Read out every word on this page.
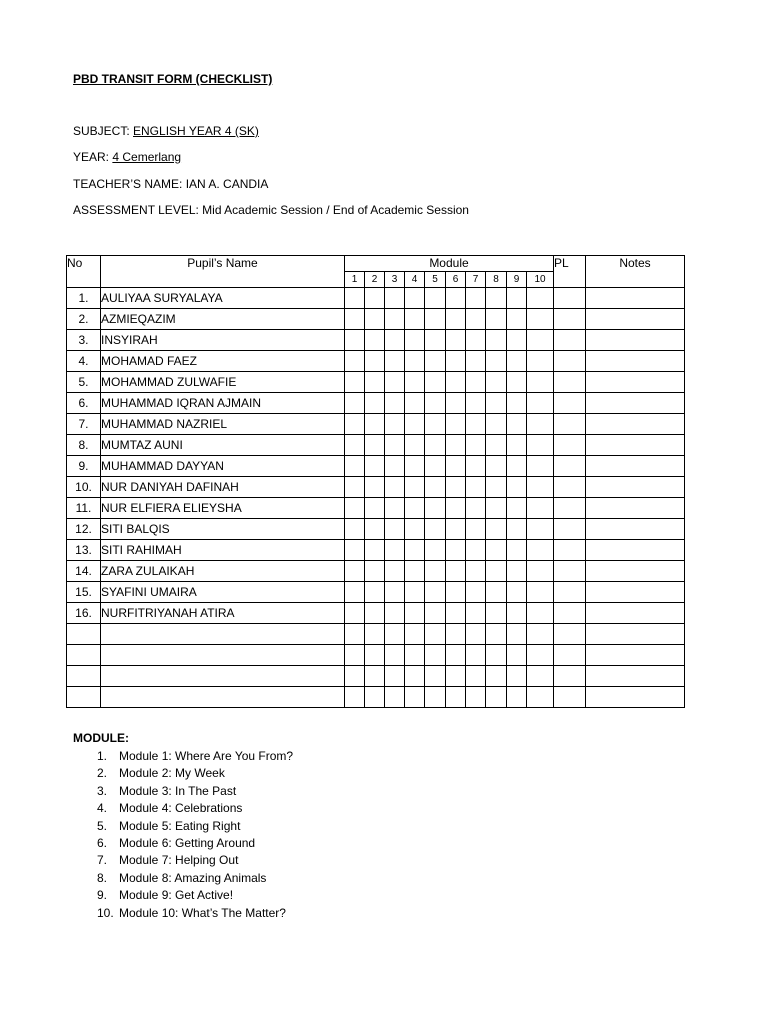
PBD TRANSIT FORM (CHECKLIST)
SUBJECT: ENGLISH YEAR 4 (SK)
YEAR: 4 Cemerlang
TEACHER’S NAME: IAN A. CANDIA
ASSESSMENT LEVEL: Mid Academic Session / End of Academic Session
No	Pupil’s Name	Module										PL	Notes
		1	2	3	4	5	6	7	8	9	10		
1.	AULIYAA SURYALAYA												
2.	AZMIEQAZIM												
3.	INSYIRAH												
4.	MOHAMAD FAEZ												
5.	MOHAMMAD ZULWAFIE												
6.	MUHAMMAD IQRAN AJMAIN												
7.	MUHAMMAD NAZRIEL												
8.	MUMTAZ AUNI												
9.	MUHAMMAD DAYYAN												
10.	NUR DANIYAH DAFINAH												
11.	NUR ELFIERA ELIEYSHA												
12.	SITI BALQIS												
13.	SITI RAHIMAH												
14.	ZARA ZULAIKAH												
15.	SYAFINI UMAIRA												
16.	NURFITRIYANAH ATIRA												

MODULE:
1. Module 1: Where Are You From?
2. Module 2: My Week
3. Module 3: In The Past
4. Module 4: Celebrations
5. Module 5: Eating Right
6. Module 6: Getting Around
7. Module 7: Helping Out
8. Module 8: Amazing Animals
9. Module 9: Get Active!
10. Module 10: What’s The Matter?
